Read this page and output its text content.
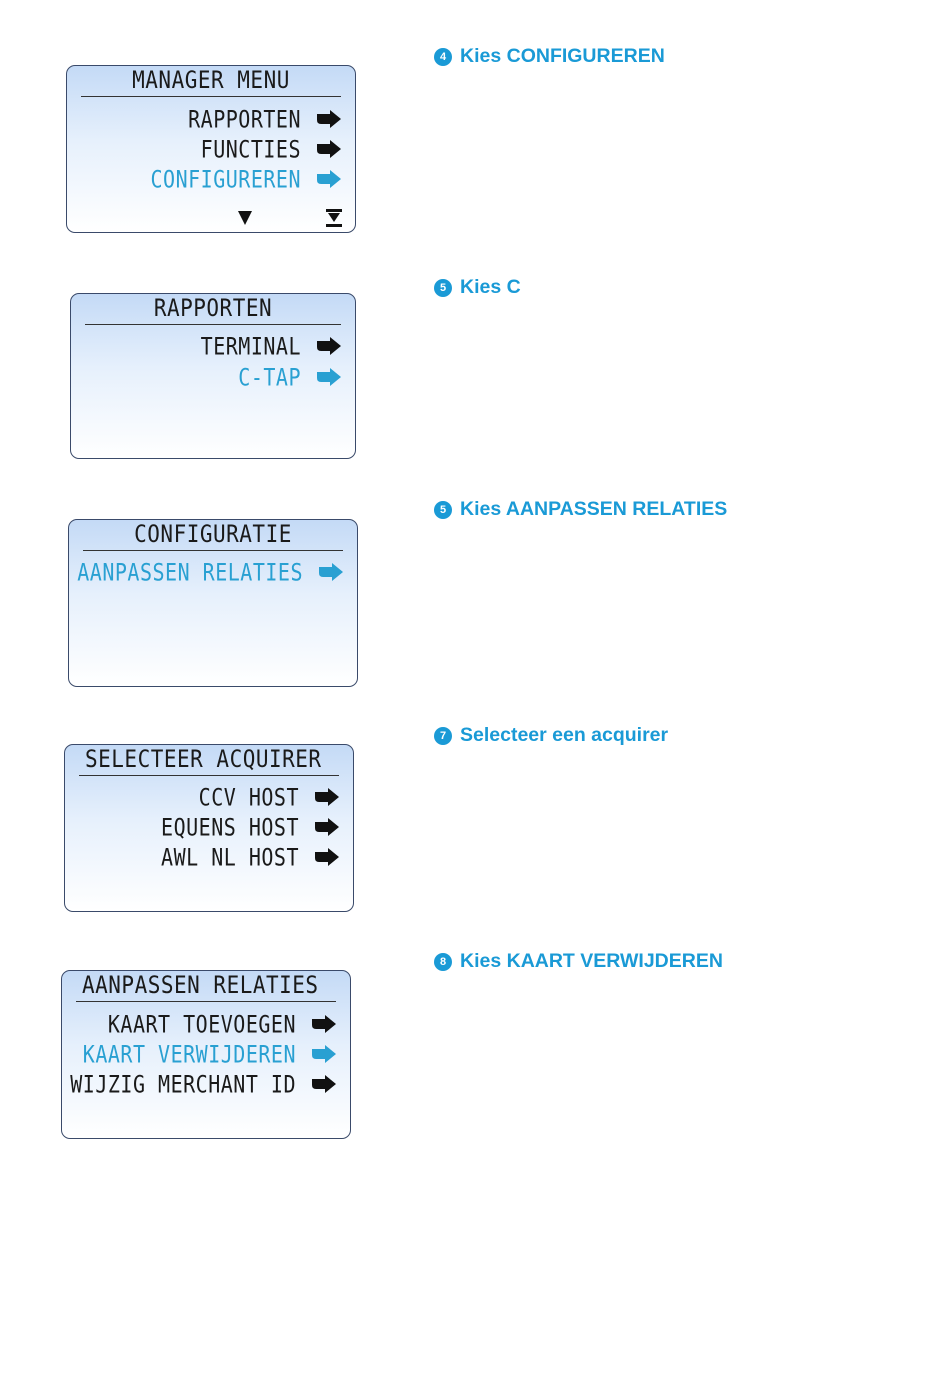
MANAGER MENU
RAPPORTEN
FUNCTIES
CONFIGUREREN
RAPPORTEN
TERMINAL
C-TAP
CONFIGURATIE
AANPASSEN RELATIES
SELECTEER ACQUIRER
CCV HOST
EQUENS HOST
AWL NL HOST
AANPASSEN RELATIES
KAART TOEVOEGEN
KAART VERWIJDEREN
WIJZIG MERCHANT ID
4 Kies CONFIGUREREN
5 Kies C
5 Kies AANPASSEN RELATIES
7 Selecteer een acquirer
8 Kies KAART VERWIJDEREN
